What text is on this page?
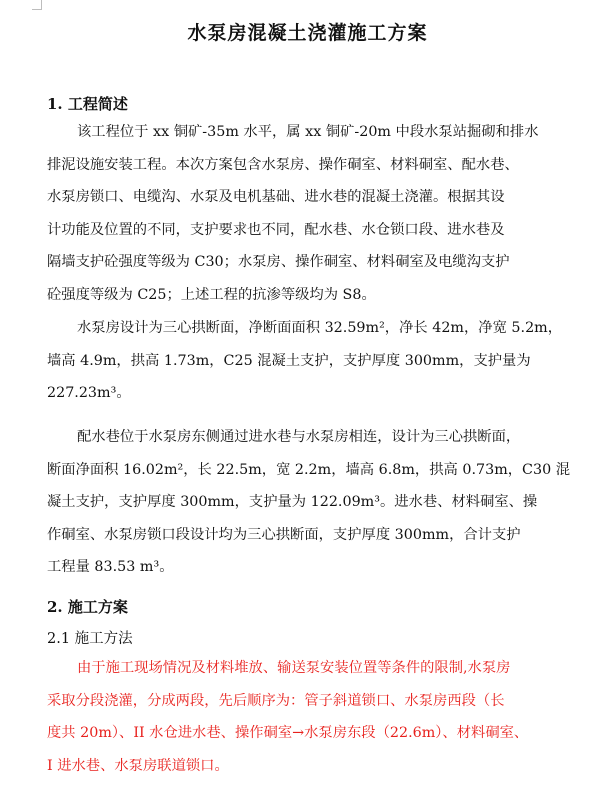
水泵房混凝土浇灌施工方案
1. 工程简述
该工程位于 xx 铜矿-35m 水平，属 xx 铜矿-20m 中段水泵站掘砌和排水
排泥设施安装工程。本次方案包含水泵房、操作硐室、材料硐室、配水巷、
水泵房锁口、电缆沟、水泵及电机基础、进水巷的混凝土浇灌。根据其设
计功能及位置的不同，支护要求也不同，配水巷、水仓锁口段、进水巷及
隔墙支护砼强度等级为 C30；水泵房、操作硐室、材料硐室及电缆沟支护
砼强度等级为 C25；上述工程的抗渗等级均为 S8。
水泵房设计为三心拱断面，净断面面积 32.59m²，净长 42m，净宽 5.2m，
墙高 4.9m，拱高 1.73m，C25 混凝土支护，支护厚度 300mm，支护量为
227.23m³。
配水巷位于水泵房东侧通过进水巷与水泵房相连，设计为三心拱断面，
断面净面积 16.02m²，长 22.5m，宽 2.2m，墙高 6.8m，拱高 0.73m，C30 混
凝土支护，支护厚度 300mm，支护量为 122.09m³。进水巷、材料硐室、操
作硐室、水泵房锁口段设计均为三心拱断面，支护厚度 300mm，合计支护
工程量 83.53 m³。
2. 施工方案
2.1 施工方法
由于施工现场情况及材料堆放、输送泵安装位置等条件的限制,水泵房
采取分段浇灌，分成两段，先后顺序为：管子斜道锁口、水泵房西段（长
度共 20m）、II 水仓进水巷、操作硐室→水泵房东段（22.6m）、材料硐室、
I 进水巷、水泵房联道锁口。
